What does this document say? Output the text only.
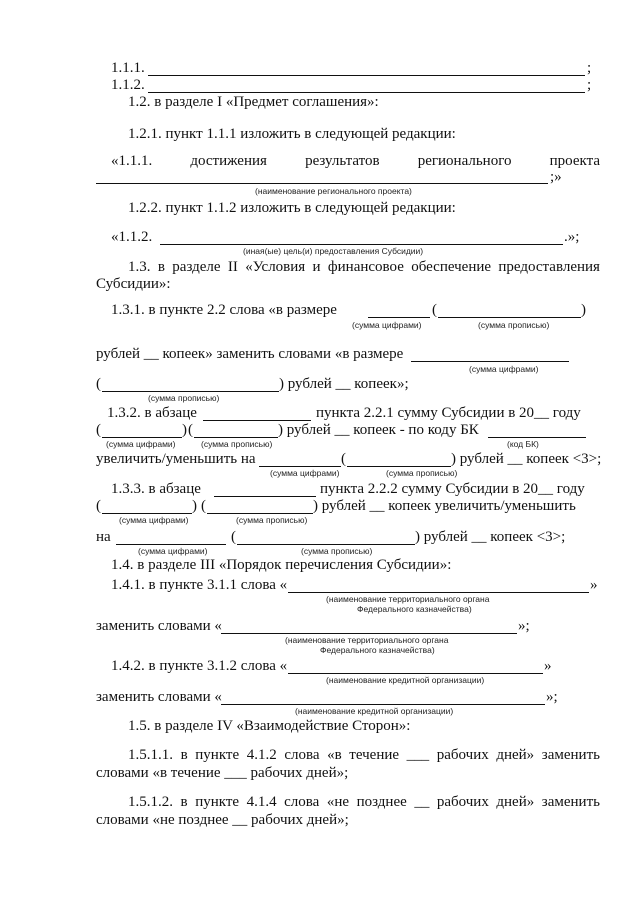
1.1.1.	;
1.1.2.	;
1.2. в разделе I «Предмет соглашения»:
1.2.1. пункт 1.1.1 изложить в следующей редакции:
«1.1.1.	достижения	результатов	регионального	проекта
;»
(наименование регионального проекта)
1.2.2. пункт 1.1.2 изложить в следующей редакции:
«1.1.2.	.»;
(иная(ые) цель(и) предоставления Субсидии)
1.3. в разделе II «Условия и финансовое обеспечение предоставления
Субсидии»:
1.3.1. в пункте 2.2 слова «в размере	(	)
(сумма цифрами)	(сумма прописью)
рублей __ копеек» заменить словами «в размере
(сумма цифрами)
(	) рублей __ копеек»;
(сумма прописью)
1.3.2. в абзаце	пункта 2.2.1 сумму Субсидии в 20__ году
(	) (	) рублей __ копеек - по коду БК
(сумма цифрами)	(сумма прописью)	(код БК)
увеличить/уменьшить на	(	) рублей __ копеек <3>;
(сумма цифрами)	(сумма прописью)
1.3.3. в абзаце	пункта 2.2.2 сумму Субсидии в 20__ году
(	) (	) рублей __ копеек увеличить/уменьшить
(сумма цифрами)	(сумма прописью)
на	(	) рублей __ копеек <3>;
(сумма цифрами)	(сумма прописью)
1.4. в разделе III «Порядок перечисления Субсидии»:
1.4.1. в пункте 3.1.1 слова «	»
(наименование территориального органа
Федерального казначейства)
заменить словами «	»;
(наименование территориального органа
Федерального казначейства)
1.4.2. в пункте 3.1.2 слова «	»
(наименование кредитной организации)
заменить словами «	»;
(наименование кредитной организации)
1.5. в разделе IV «Взаимодействие Сторон»:
1.5.1.1. в пункте 4.1.2 слова «в течение ___ рабочих дней» заменить
словами «в течение ___ рабочих дней»;
1.5.1.2. в пункте 4.1.4 слова «не позднее __ рабочих дней» заменить
словами «не позднее __ рабочих дней»;
